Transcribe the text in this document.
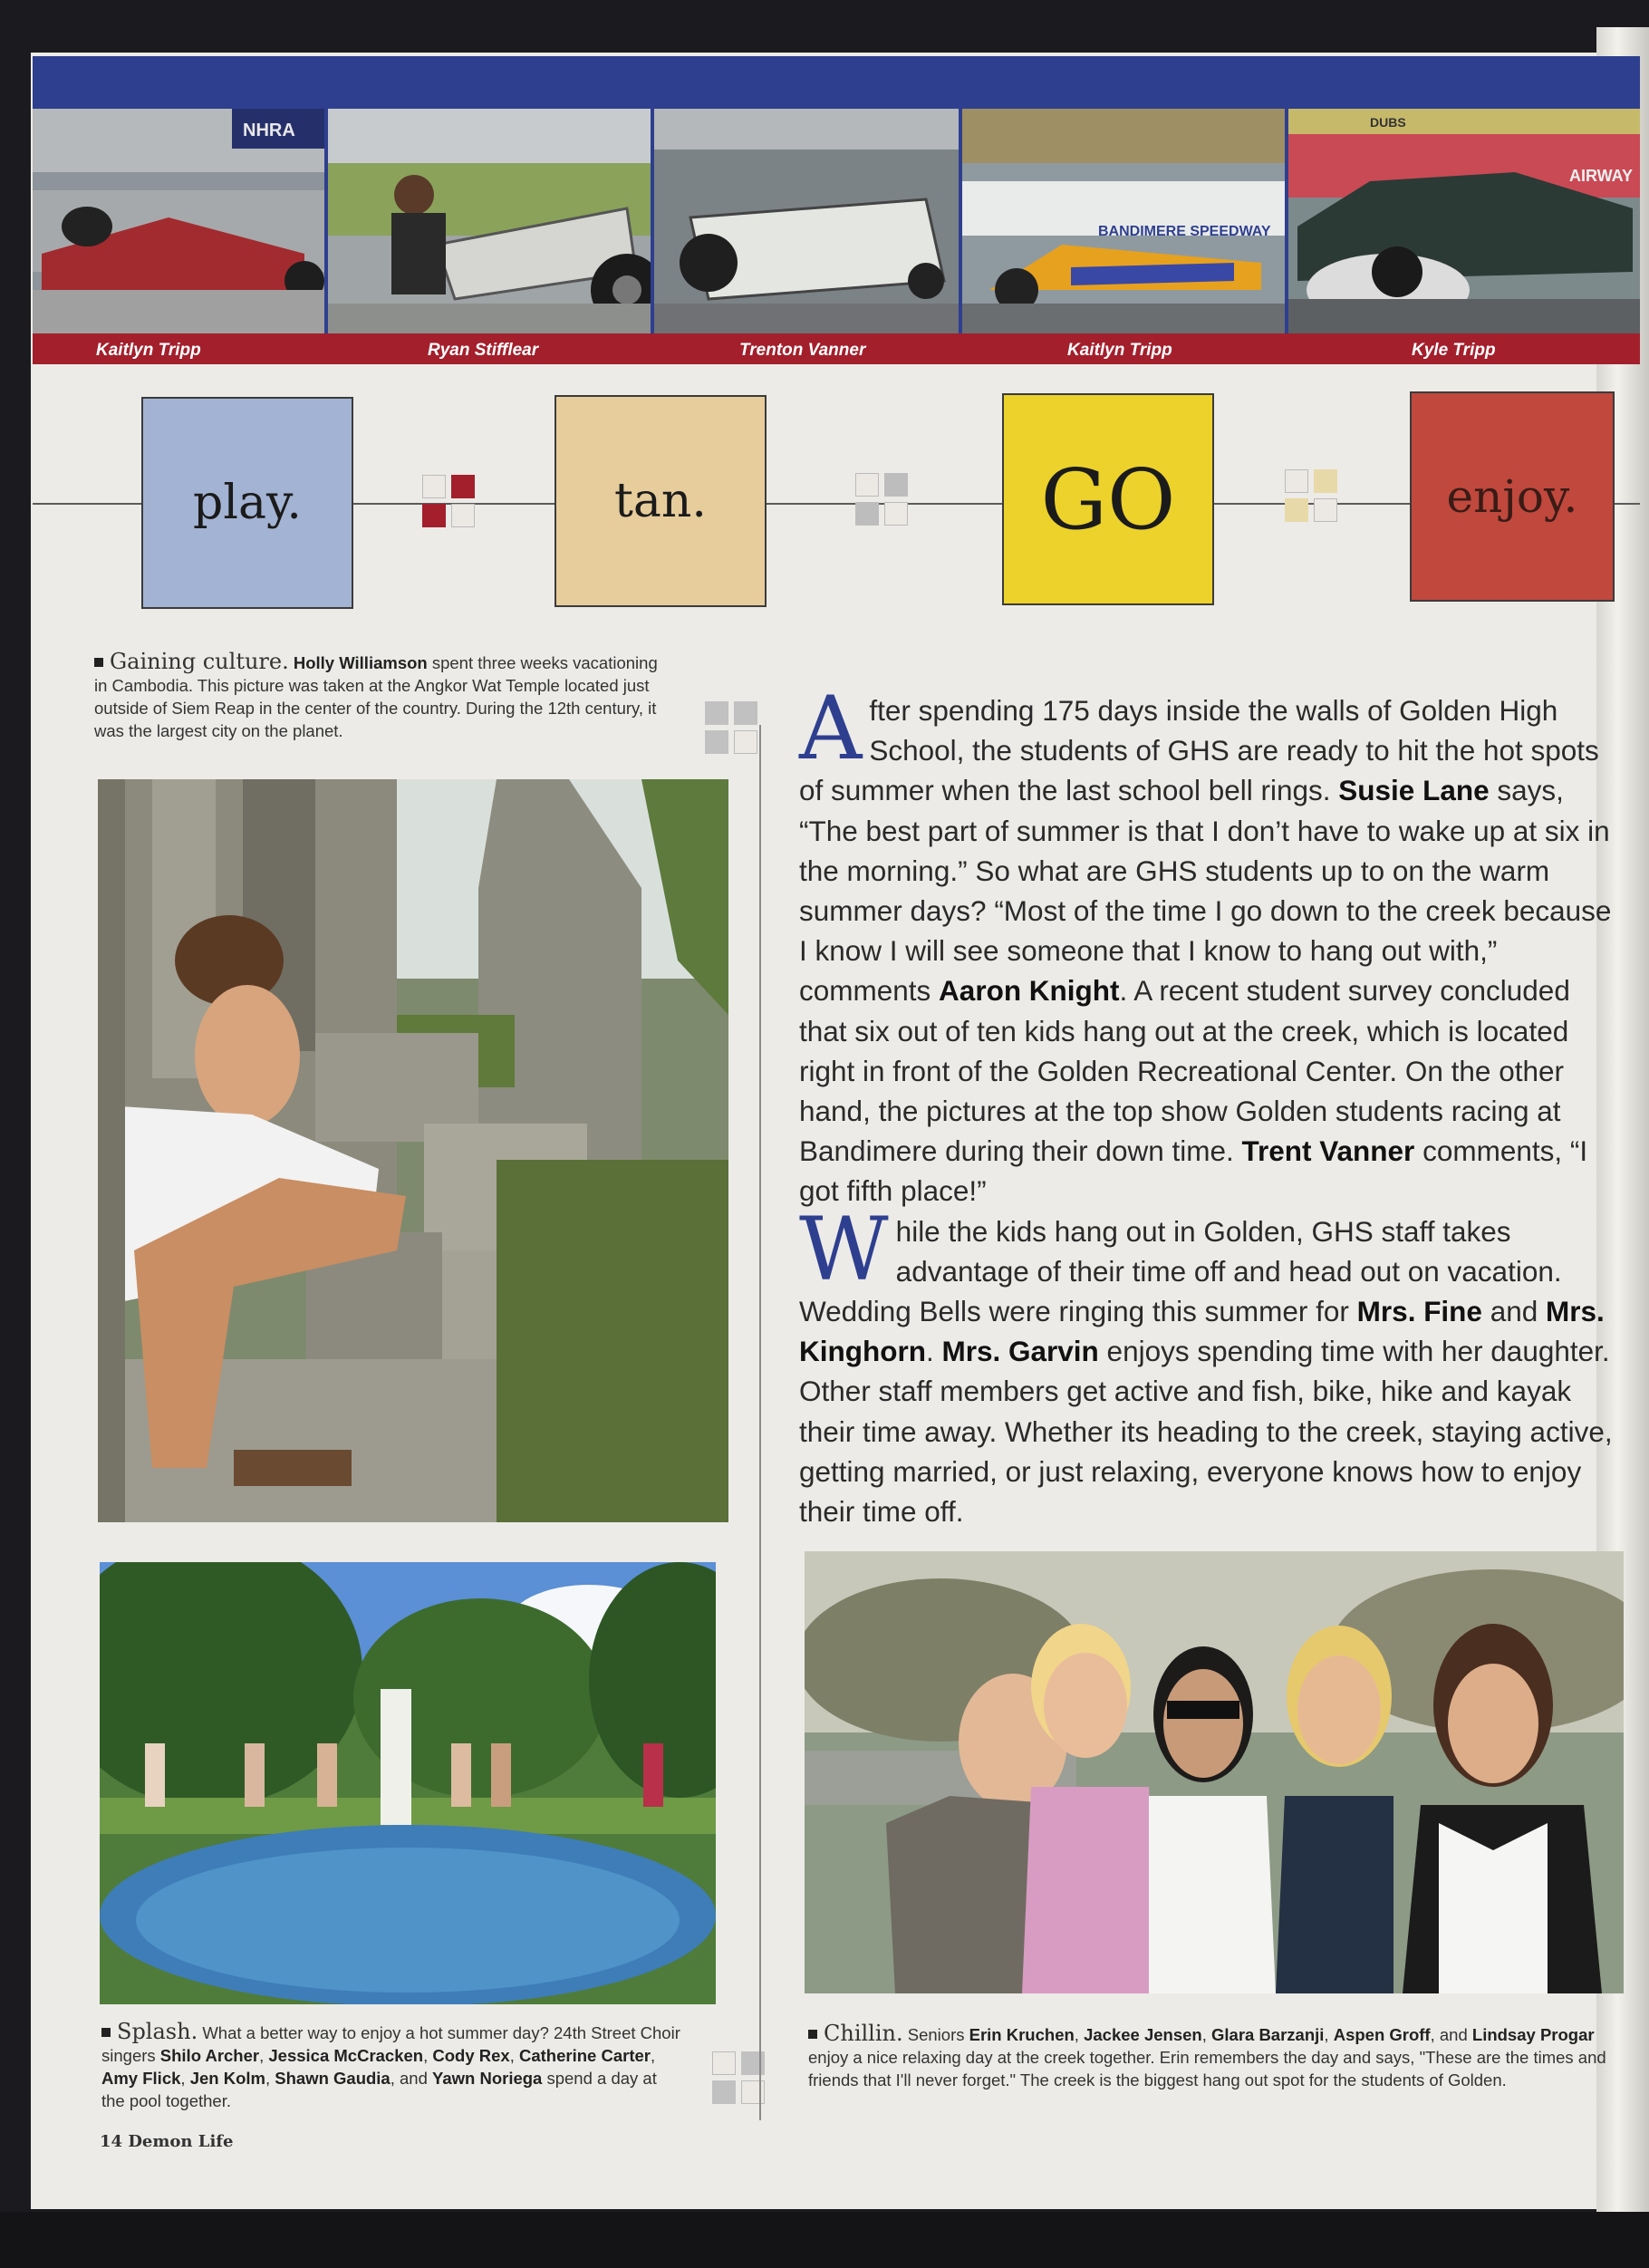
NHRA
BANDIMERE SPEEDWAY
DUBS
AIRWAY
Kaitlyn Tripp	Ryan Stifflear	Trenton Vanner	Kaitlyn Tripp	Kyle Tripp
play.	tan.	GO	enjoy.
Gaining culture. Holly Williamson spent three weeks vacationing in Cambodia. This picture was taken at the Angkor Wat Temple located just outside of Siem Reap in the center of the country. During the 12th century, it was the largest city on the planet.
Splash. What a better way to enjoy a hot summer day? 24th Street Choir singers Shilo Archer, Jessica McCracken, Cody Rex, Catherine Carter, Amy Flick, Jen Kolm, Shawn Gaudia, and Yawn Noriega spend a day at the pool together.
14 Demon Life

After spending 175 days inside the walls of Golden High School, the students of GHS are ready to hit the hot spots of summer when the last school bell rings. Susie Lane says, “The best part of summer is that I don’t have to wake up at six in the morning.” So what are GHS students up to on the warm summer days? “Most of the time I go down to the creek because I know I will see someone that I know to hang out with,” comments Aaron Knight. A recent student survey concluded that six out of ten kids hang out at the creek, which is located right in front of the Golden Recreational Center. On the other hand, the pictures at the top show Golden students racing at Bandimere during their down time. Trent Vanner comments, “I got fifth place!”

While the kids hang out in Golden, GHS staff takes advantage of their time off and head out on vacation. Wedding Bells were ringing this summer for Mrs. Fine and Mrs. Kinghorn. Mrs. Garvin enjoys spending time with her daughter. Other staff members get active and fish, bike, hike and kayak their time away. Whether its heading to the creek, staying active, getting married, or just relaxing, everyone knows how to enjoy their time off.

Chillin. Seniors Erin Kruchen, Jackee Jensen, Glara Barzanji, Aspen Groff, and Lindsay Progar enjoy a nice relaxing day at the creek together. Erin remembers the day and says, "These are the times and friends that I'll never forget." The creek is the biggest hang out spot for the students of Golden.
